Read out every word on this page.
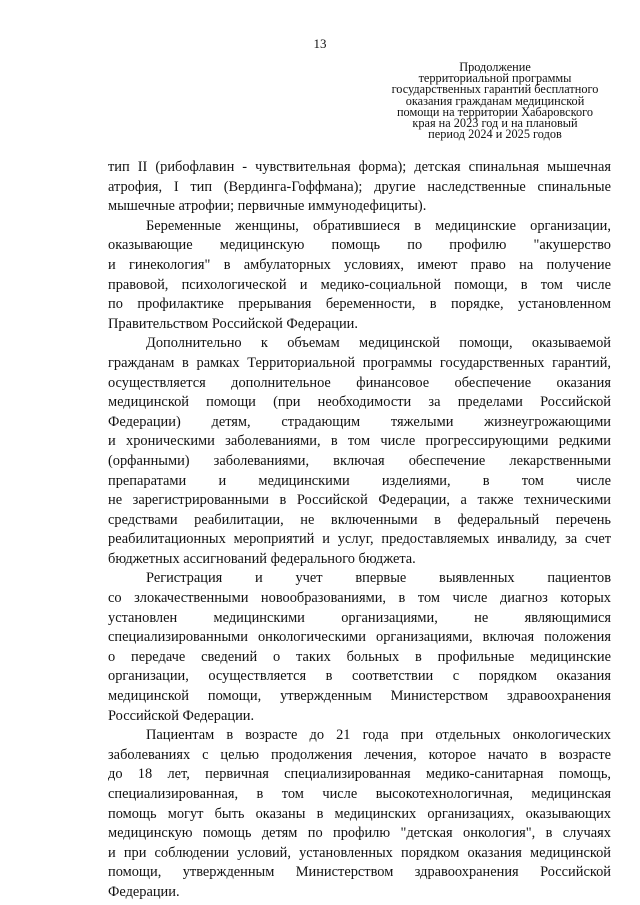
13
Продолжение
территориальной программы
государственных гарантий бесплатного
оказания гражданам медицинской
помощи на территории Хабаровского
края на 2023 год и на плановый
период 2024 и 2025 годов
тип II (рибофлавин - чувствительная форма); детская спинальная мышечная
атрофия, I тип (Вердинга-Гоффмана); другие наследственные спинальные
мышечные атрофии; первичные иммунодефициты).
Беременные женщины, обратившиеся в медицинские организации,
оказывающие медицинскую помощь по профилю "акушерство
и гинекология" в амбулаторных условиях, имеют право на получение
правовой, психологической и медико-социальной помощи, в том числе
по профилактике прерывания беременности, в порядке, установленном
Правительством Российской Федерации.
Дополнительно к объемам медицинской помощи, оказываемой
гражданам в рамках Территориальной программы государственных гарантий,
осуществляется дополнительное финансовое обеспечение оказания
медицинской помощи (при необходимости за пределами Российской
Федерации) детям, страдающим тяжелыми жизнеугрожающими
и хроническими заболеваниями, в том числе прогрессирующими редкими
(орфанными) заболеваниями, включая обеспечение лекарственными
препаратами и медицинскими изделиями, в том числе
не зарегистрированными в Российской Федерации, а также техническими
средствами реабилитации, не включенными в федеральный перечень
реабилитационных мероприятий и услуг, предоставляемых инвалиду, за счет
бюджетных ассигнований федерального бюджета.
Регистрация и учет впервые выявленных пациентов
со злокачественными новообразованиями, в том числе диагноз которых
установлен медицинскими организациями, не являющимися
специализированными онкологическими организациями, включая положения
о передаче сведений о таких больных в профильные медицинские
организации, осуществляется в соответствии с порядком оказания
медицинской помощи, утвержденным Министерством здравоохранения
Российской Федерации.
Пациентам в возрасте до 21 года при отдельных онкологических
заболеваниях с целью продолжения лечения, которое начато в возрасте
до 18 лет, первичная специализированная медико-санитарная помощь,
специализированная, в том числе высокотехнологичная, медицинская
помощь могут быть оказаны в медицинских организациях, оказывающих
медицинскую помощь детям по профилю "детская онкология", в случаях
и при соблюдении условий, установленных порядком оказания медицинской
помощи, утвержденным Министерством здравоохранения Российской
Федерации.
